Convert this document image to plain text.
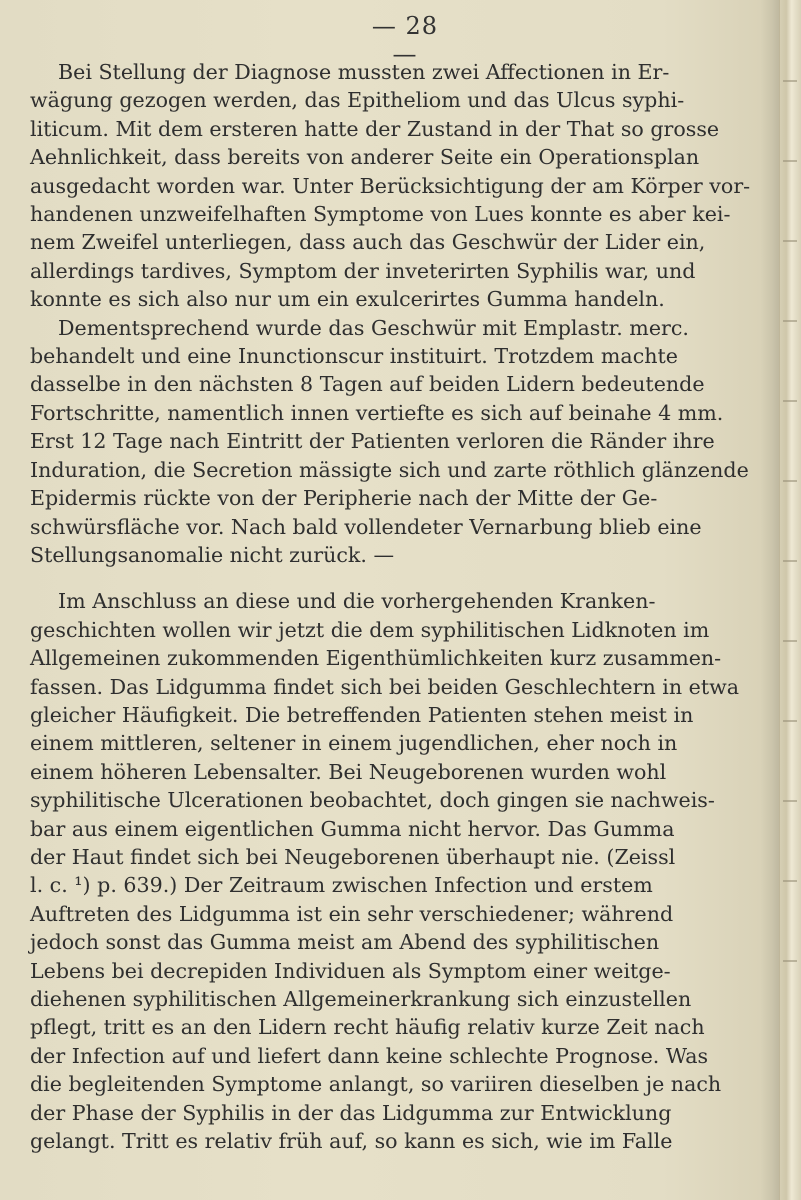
— 28 —

Bei Stellung der Diagnose mussten zwei Affectionen in Er-
wägung gezogen werden, das Epitheliom und das Ulcus syphi-
liticum. Mit dem ersteren hatte der Zustand in der That so grosse
Aehnlichkeit, dass bereits von anderer Seite ein Operationsplan
ausgedacht worden war. Unter Berücksichtigung der am Körper vor-
handenen unzweifelhaften Symptome von Lues konnte es aber kei-
nem Zweifel unterliegen, dass auch das Geschwür der Lider ein,
allerdings tardives, Symptom der inveterirten Syphilis war, und
konnte es sich also nur um ein exulcerirtes Gumma handeln.

Dementsprechend wurde das Geschwür mit Emplastr. merc.
behandelt und eine Inunctionscur instituirt. Trotzdem machte
dasselbe in den nächsten 8 Tagen auf beiden Lidern bedeutende
Fortschritte, namentlich innen vertiefte es sich auf beinahe 4 mm.
Erst 12 Tage nach Eintritt der Patienten verloren die Ränder ihre
Induration, die Secretion mässigte sich und zarte röthlich glänzende
Epidermis rückte von der Peripherie nach der Mitte der Ge-
schwürsfläche vor. Nach bald vollendeter Vernarbung blieb eine
Stellungsanomalie nicht zurück. —

Im Anschluss an diese und die vorhergehenden Kranken-
geschichten wollen wir jetzt die dem syphilitischen Lidknoten im
Allgemeinen zukommenden Eigenthümlichkeiten kurz zusammen-
fassen. Das Lidgumma findet sich bei beiden Geschlechtern in etwa
gleicher Häufigkeit. Die betreffenden Patienten stehen meist in
einem mittleren, seltener in einem jugendlichen, eher noch in
einem höheren Lebensalter. Bei Neugeborenen wurden wohl
syphilitische Ulcerationen beobachtet, doch gingen sie nachweis-
bar aus einem eigentlichen Gumma nicht hervor. Das Gumma
der Haut findet sich bei Neugeborenen überhaupt nie. (Zeissl
l. c. ¹) p. 639.) Der Zeitraum zwischen Infection und erstem
Auftreten des Lidgumma ist ein sehr verschiedener; während
jedoch sonst das Gumma meist am Abend des syphilitischen
Lebens bei decrepiden Individuen als Symptom einer weitge-
diehenen syphilitischen Allgemeinerkrankung sich einzustellen
pflegt, tritt es an den Lidern recht häufig relativ kurze Zeit nach
der Infection auf und liefert dann keine schlechte Prognose. Was
die begleitenden Symptome anlangt, so variiren dieselben je nach
der Phase der Syphilis in der das Lidgumma zur Entwicklung
gelangt. Tritt es relativ früh auf, so kann es sich, wie im Falle
